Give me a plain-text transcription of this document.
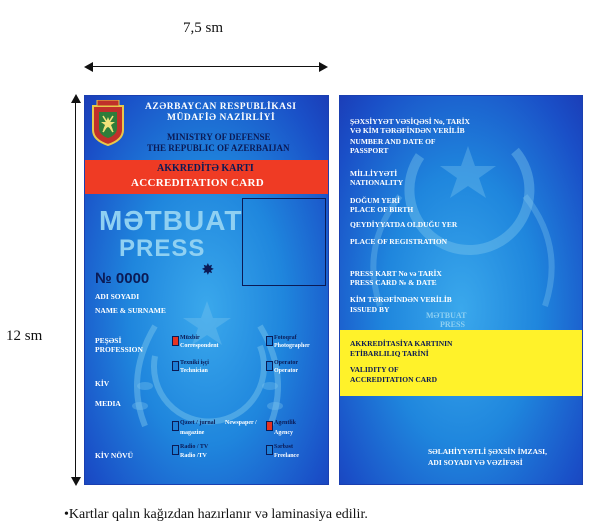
7,5 sm
12 sm
AZƏRBAYCAN RESPUBLİKASI
MÜDAFİƏ NAZİRLİYİ
MINISTRY OF DEFENSE
THE REPUBLIC OF AZERBAIJAN
AKKREDİTƏ KARTI
ACCREDITATION CARD
MƏTBUAT
PRESS
№ 0000	✸
ADI SOYADI
NAME & SURNAME
PEŞƏSİ
PROFESSION
Müxbir
Correspondent
Fotoqraf
Photographer
Texniki işçi
Technician
Operator
Operator
KİV
MEDIA
Qəzet / jurnal Newspaper /
magazine
Agentlik
Agency
Radio / TV
Radio /TV
Sərbəst
Freelance
KİV NÖVÜ
ŞƏXSİYYƏT VƏSİQƏSİ No, TARİX
VƏ KİM TƏRƏFİNDƏN VERİLİB
NUMBER AND DATE OF
PASSPORT
MİLLİYYƏTİ
NATIONALITY
DOĞUM YERİ
PLACE OF BIRTH
QEYDİYYATDA OLDUĞU YER
PLACE OF REGISTRATION
PRESS KART No və TARİX
PRESS CARD № & DATE
KİM TƏRƏFİNDƏN VERİLİB
ISSUED BY
MƏTBUAT
PRESS
AKKREDİTASİYA KARTININ
ETİBARLILIQ TARİNİ
VALIDITY OF
ACCREDITATION CARD
SƏLAHİYYƏTLİ ŞƏXSİN İMZASI,
ADI SOYADI VƏ VƏZİFƏSİ
•Kartlar qalın kağızdan hazırlanır və laminasiya edilir.
